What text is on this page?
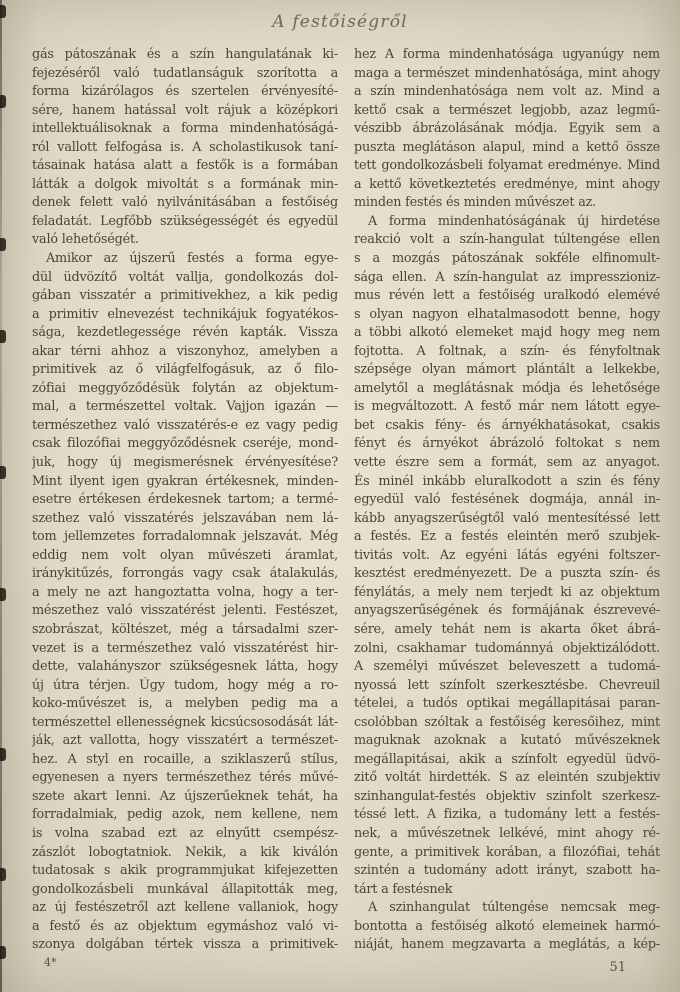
A festőiségről
gás pátoszának és a szín hangulatának ki-
fejezéséről való tudatlanságuk szorította a
forma kizárólagos és szertelen érvényesíté-
sére, hanem hatással volt rájuk a középkori
intellektuálisoknak a forma mindenhatóságá-
ról vallott felfogása is. A scholastikusok taní-
tásainak hatása alatt a festők is a formában
látták a dolgok mivoltát s a formának min-
denek felett való nyilvánitásában a festőiség
feladatát. Legfőbb szükségességét és egyedül
való lehetőségét.
Amikor az újszerű festés a forma egye-
dül üdvözítő voltát vallja, gondolkozás dol-
gában visszatér a primitivekhez, a kik pedig
a primitiv elnevezést technikájuk fogyatékos-
sága, kezdetlegessége révén kapták. Vissza
akar térni ahhoz a viszonyhoz, amelyben a
primitivek az ő világfelfogásuk, az ő filo-
zófiai meggyőződésük folytán az objektum-
mal, a természettel voltak. Vajjon igazán —
természethez való visszatérés-e ez vagy pedig
csak filozófiai meggyőződésnek cseréje, mond-
juk, hogy új megismerésnek érvényesítése?
Mint ilyent igen gyakran értékesnek, minden-
esetre értékesen érdekesnek tartom; a termé-
szethez való visszatérés jelszavában nem lá-
tom jellemzetes forradalomnak jelszavát. Még
eddig nem volt olyan művészeti áramlat,
iránykitűzés, forrongás vagy csak átalakulás,
a mely ne azt hangoztatta volna, hogy a ter-
mészethez való visszatérést jelenti. Festészet,
szobrászat, költészet, még a társadalmi szer-
vezet is a természethez való visszatérést hir-
dette, valahányszor szükségesnek látta, hogy
új útra térjen. Úgy tudom, hogy még a ro-
koko-művészet is, a melyben pedig ma a
természettel ellenességnek kicsúcsosodását lát-
ják, azt vallotta, hogy visszatért a természet-
hez. A styl en rocaille, a sziklaszerű stílus,
egyenesen a nyers természethez térés művé-
szete akart lenni. Az újszerűeknek tehát, ha
forradalmiak, pedig azok, nem kellene, nem
is volna szabad ezt az elnyűtt csempész-
zászlót lobogtatniok. Nekik, a kik kiválón
tudatosak s akik programmjukat kifejezetten
gondolkozásbeli munkával állapitották meg,
az új festészetről azt kellene vallaniok, hogy
a festő és az objektum egymáshoz való vi-
szonya dolgában tértek vissza a primitivek-
hez A forma mindenhatósága ugyanúgy nem
maga a természet mindenhatósága, mint ahogy
a szín mindenhatósága nem volt az. Mind a
kettő csak a természet legjobb, azaz legmű-
vészibb ábrázolásának módja. Egyik sem a
puszta meglátáson alapul, mind a kettő össze
tett gondolkozásbeli folyamat eredménye. Mind
a kettő következtetés eredménye, mint ahogy
minden festés és minden művészet az.
A forma mindenhatóságának új hirdetése
reakció volt a szín-hangulat túltengése ellen
s a mozgás pátoszának sokféle elfinomult-
sága ellen. A szín-hangulat az impresszioniz-
mus révén lett a festőiség uralkodó elemévé
s olyan nagyon elhatalmasodott benne, hogy
a többi alkotó elemeket majd hogy meg nem
fojtotta. A foltnak, a szín- és fényfoltnak
szépsége olyan mámort plántált a lelkekbe,
amelytől a meglátásnak módja és lehetősége
is megváltozott. A festő már nem látott egye-
bet csakis fény- és árnyékhatásokat, csakis
fényt és árnyékot ábrázoló foltokat s nem
vette észre sem a formát, sem az anyagot.
És minél inkább eluralkodott a szin és fény
egyedül való festésének dogmája, annál in-
kább anyagszerűségtől való mentesítéssé lett
a festés. Ez a festés eleintén merő szubjek-
tivitás volt. Az egyéni látás egyéni foltszer-
kesztést eredményezett. De a puszta szín- és
fénylátás, a mely nem terjedt ki az objektum
anyagszerűségének és formájának észrevevé-
sére, amely tehát nem is akarta őket ábrá-
zolni, csakhamar tudománnyá objektizálódott.
A személyi művészet beleveszett a tudomá-
nyossá lett színfolt szerkesztésbe. Chevreuil
tételei, a tudós optikai megállapitásai paran-
csolóbban szóltak a festőiség keresőihez, mint
maguknak azoknak a kutató művészeknek
megállapitásai, akik a színfolt egyedül üdvö-
zitő voltát hirdették. S az eleintén szubjektiv
szinhangulat-festés objektiv szinfolt szerkesz-
téssé lett. A fizika, a tudomány lett a festés-
nek, a művészetnek lelkévé, mint ahogy ré-
gente, a primitivek korában, a filozófiai, tehát
szintén a tudomány adott irányt, szabott ha-
tárt a festésnek
A szinhangulat túltengése nemcsak meg-
bontotta a festőiség alkotó elemeinek harmó-
niáját, hanem megzavarta a meglátás, a kép-
4*	51
